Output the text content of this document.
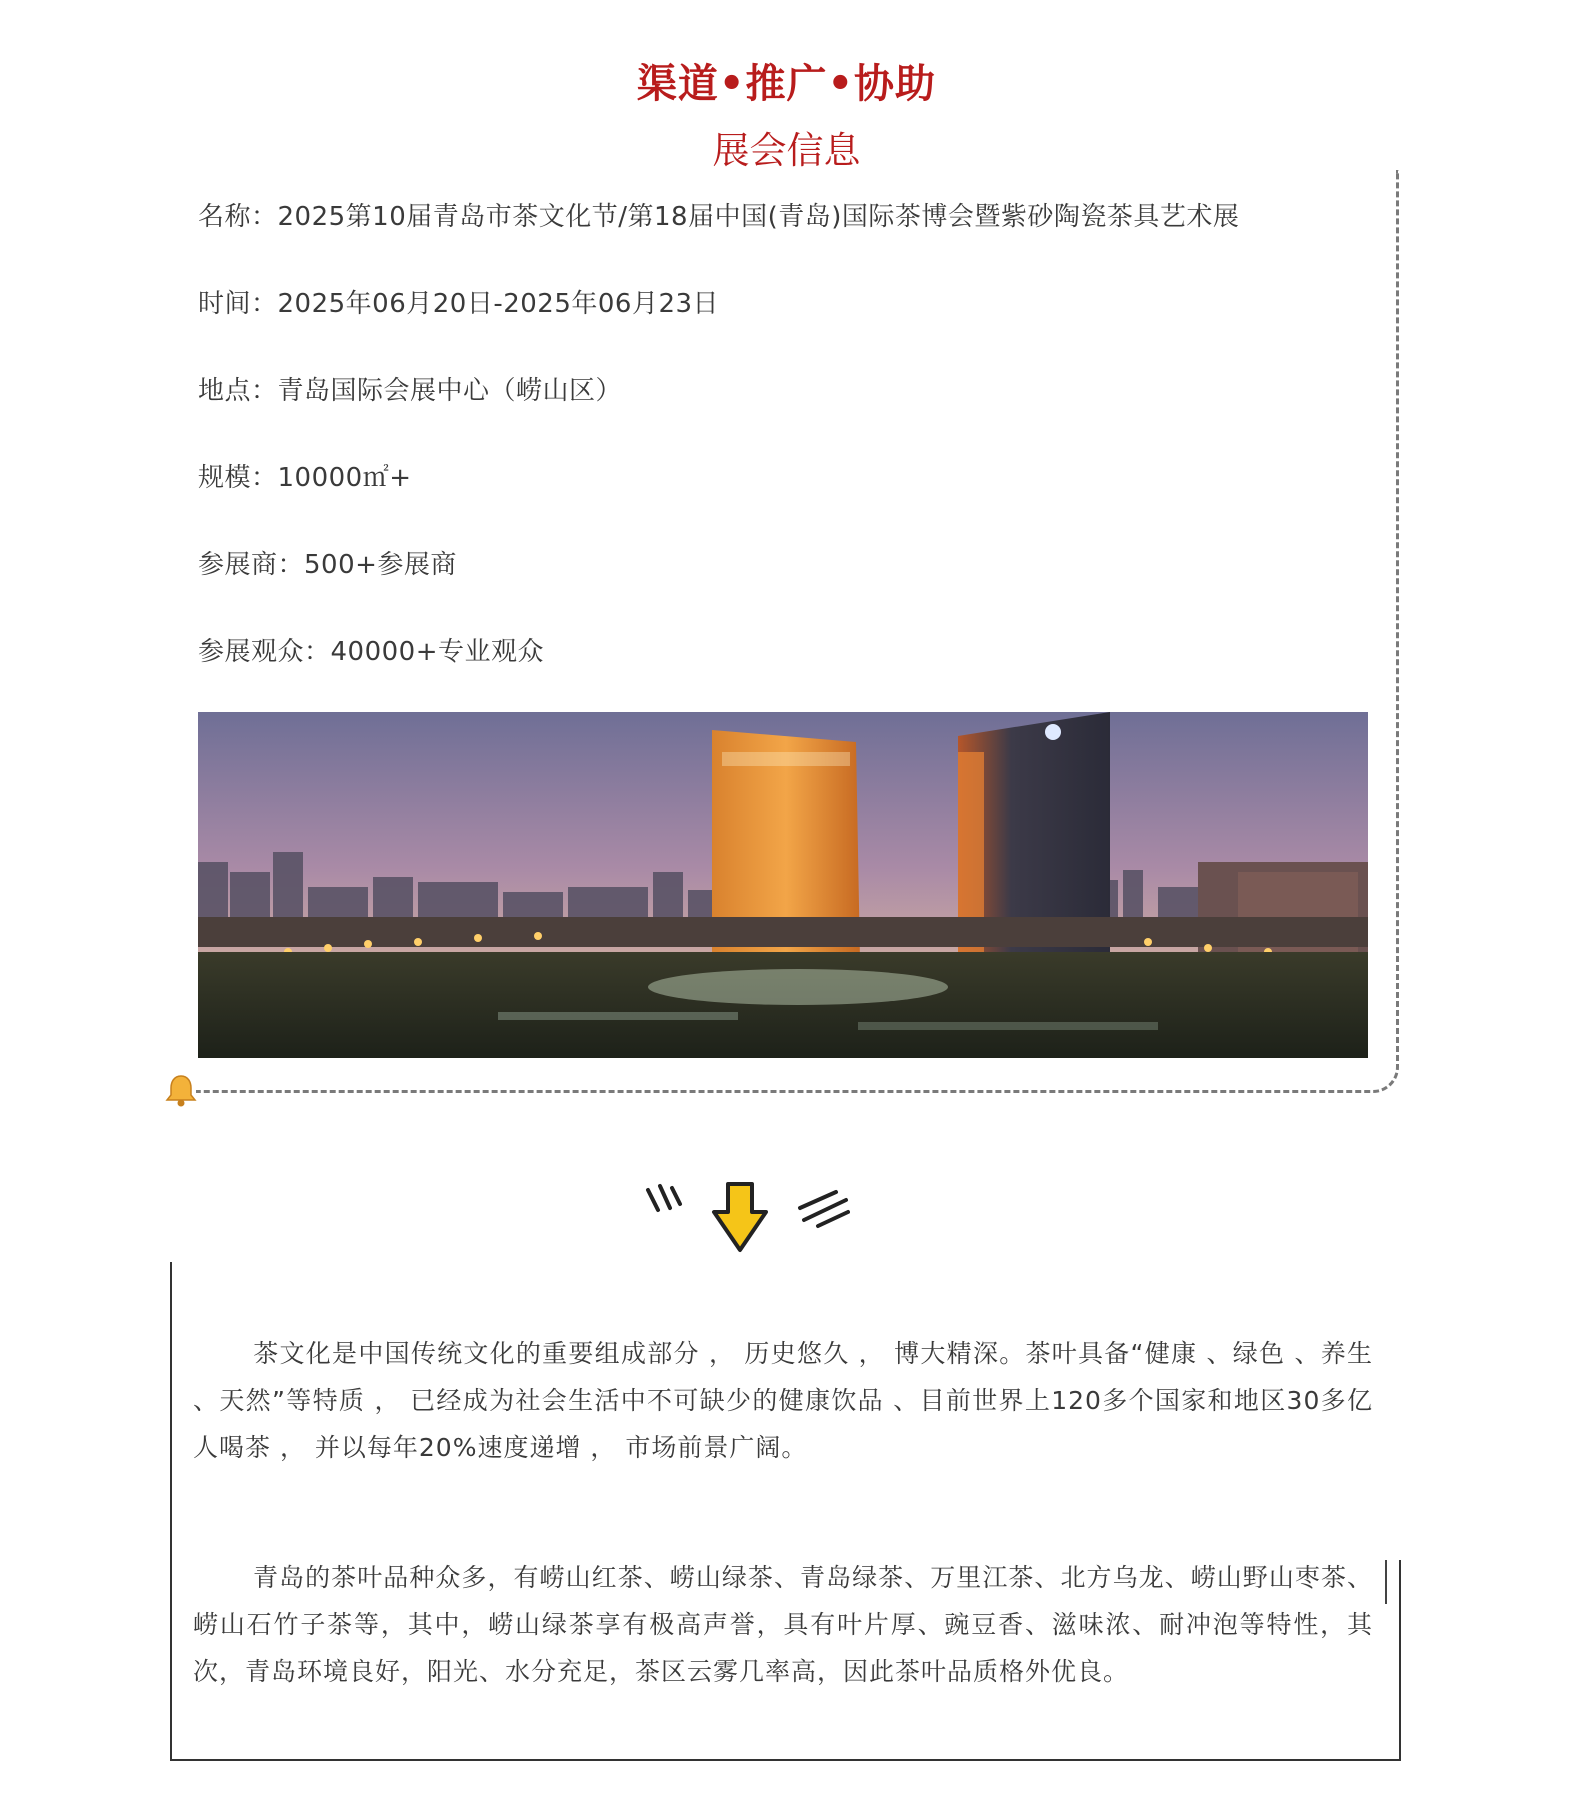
渠道•推广•协助
展会信息
名称：2025第10届青岛市茶文化节/第18届中国(青岛)国际茶博会暨紫砂陶瓷茶具艺术展
时间：2025年06月20日-2025年06月23日
地点：青岛国际会展中心（崂山区）
规模：10000㎡+
参展商：500+参展商
参展观众：40000+专业观众
茶文化是中国传统文化的重要组成部分 ， 历史悠久 ， 博大精深。茶叶具备“健康 、绿色 、养生 、天然”等特质 ， 已经成为社会生活中不可缺少的健康饮品 、目前世界上120多个国家和地区30多亿人喝茶 ， 并以每年20%速度递增 ， 市场前景广阔。
青岛的茶叶品种众多，有崂山红茶、崂山绿茶、青岛绿茶、万里江茶、北方乌龙、崂山野山枣茶、崂山石竹子茶等，其中，崂山绿茶享有极高声誉，具有叶片厚、豌豆香、滋味浓、耐冲泡等特性，其次，青岛环境良好，阳光、水分充足，茶区云雾几率高，因此茶叶品质格外优良。
